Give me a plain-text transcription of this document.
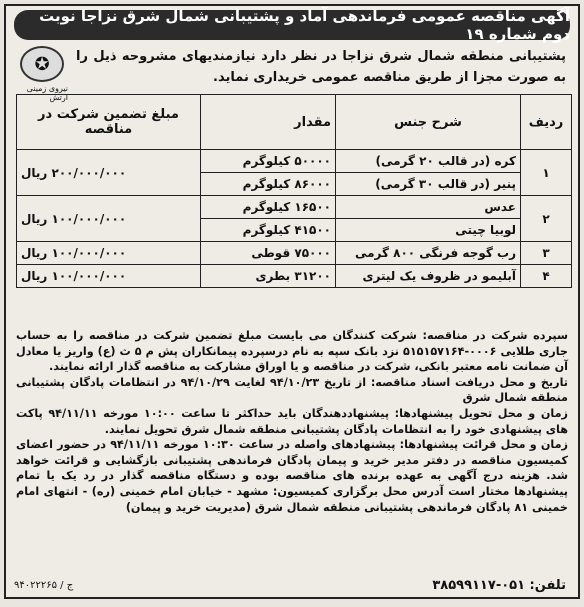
آگهی مناقصه عمومی فرماندهی آماد و پشتیبانی شمال شرق نزاجا نوبت دوم شماره ۱۹
✪
نیروی زمینی ارتش
پشتیبانی منطقه شمال شرق نزاجا در نظر دارد نیازمندیهای مشروحه ذیل را به صورت مجزا از طریق مناقصه عمومی خریداری نماید.
ردیف	شرح جنس	مقدار	مبلغ تضمین شرکت در مناقصه
۱	کره (در قالب ۲۰ گرمی)	۵۰۰۰۰ کیلوگرم	۲۰۰/۰۰۰/۰۰۰ ریال
	پنیر (در قالب ۳۰ گرمی)	۸۶۰۰۰ کیلوگرم	
۲	عدس	۱۶۵۰۰ کیلوگرم	۱۰۰/۰۰۰/۰۰۰ ریال
	لوبیا چیتی	۴۱۵۰۰ کیلوگرم	
۳	رب گوجه فرنگی ۸۰۰ گرمی	۷۵۰۰۰ قوطی	۱۰۰/۰۰۰/۰۰۰ ریال
۴	آبلیمو در ظروف یک لیتری	۳۱۲۰۰ بطری	۱۰۰/۰۰۰/۰۰۰ ریال
سپرده شرکت در مناقصه: شرکت کنندگان می بایست مبلغ تضمین شرکت در مناقصه را به حساب جاری طلایی ۰۰۰۶-۵۱۵۱۵۷۱۶۴ نزد بانک سپه به نام درسپرده پیمانکاران پش م ۵ ث (ع) واریز یا معادل آن ضمانت نامه معتبر بانکی، شرکت در مناقصه و یا اوراق مشارکت به مناقصه گذار ارائه نمایند.
تاریخ و محل دریافت اسناد مناقصه: از تاریخ ۹۴/۱۰/۲۳ لغایت ۹۴/۱۰/۲۹ در انتظامات پادگان پشتیبانی منطقه شمال شرق
زمان و محل تحویل پیشنهادها: پیشنهاددهندگان باید حداکثر تا ساعت ۱۰:۰۰ مورخه ۹۴/۱۱/۱۱ پاکت های پیشنهادی خود را به انتظامات پادگان پشتیبانی منطقه شمال شرق تحویل نمایند.
زمان و محل قرائت پیشنهادها: پیشنهادهای واصله در ساعت ۱۰:۳۰ مورخه ۹۴/۱۱/۱۱ در حضور اعضای کمیسیون مناقصه در دفتر مدیر خرید و پیمان پادگان فرماندهی پشتیبانی بازگشایی و قرائت خواهد شد. هزینه درج آگهی به عهده برنده های مناقصه بوده و دستگاه مناقصه گذار در رد یک یا تمام پیشنهادها مختار است آدرس محل برگزاری کمیسیون: مشهد - خیابان امام خمینی (ره) - انتهای امام خمینی ۸۱ پادگان فرماندهی پشتیبانی منطقه شمال شرق (مدیریت خرید و پیمان)
تلفن: ۰۵۱-۳۸۵۹۹۱۱۷
۹۴۰۲۲۲۶۵ / ج
